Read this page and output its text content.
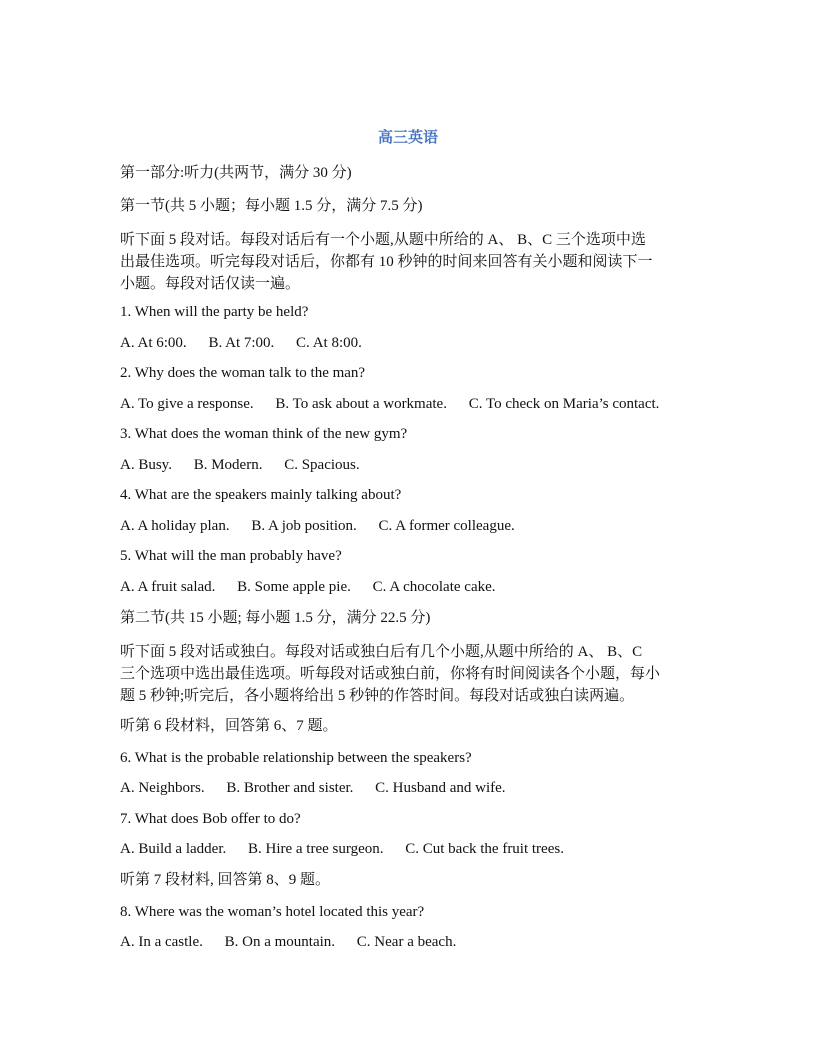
高三英语
第一部分:听力(共两节，满分 30 分)
第一节(共 5 小题；每小题 1.5 分，满分 7.5 分)
听下面 5 段对话。每段对话后有一个小题,从题中所给的 A、 B、C 三个选项中选
出最佳选项。听完每段对话后，你都有 10 秒钟的时间来回答有关小题和阅读下一
小题。每段对话仅读一遍。
1. When will the party be held?
A. At 6:00. B. At 7:00. C. At 8:00.
2. Why does the woman talk to the man?
A. To give a response. B. To ask about a workmate. C. To check on Maria’s contact.
3. What does the woman think of the new gym?
A. Busy. B. Modern. C. Spacious.
4. What are the speakers mainly talking about?
A. A holiday plan. B. A job position. C. A former colleague.
5. What will the man probably have?
A. A fruit salad. B. Some apple pie. C. A chocolate cake.
第二节(共 15 小题; 每小题 1.5 分，满分 22.5 分)
听下面 5 段对话或独白。每段对话或独白后有几个小题,从题中所给的 A、 B、C
三个选项中选出最佳选项。听每段对话或独白前，你将有时间阅读各个小题，每小
题 5 秒钟;听完后，各小题将给出 5 秒钟的作答时间。每段对话或独白读两遍。
听第 6 段材料，回答第 6、7 题。
6. What is the probable relationship between the speakers?
A. Neighbors. B. Brother and sister. C. Husband and wife.
7. What does Bob offer to do?
A. Build a ladder. B. Hire a tree surgeon. C. Cut back the fruit trees.
听第 7 段材料, 回答第 8、9 题。
8. Where was the woman’s hotel located this year?
A. In a castle. B. On a mountain. C. Near a beach.
